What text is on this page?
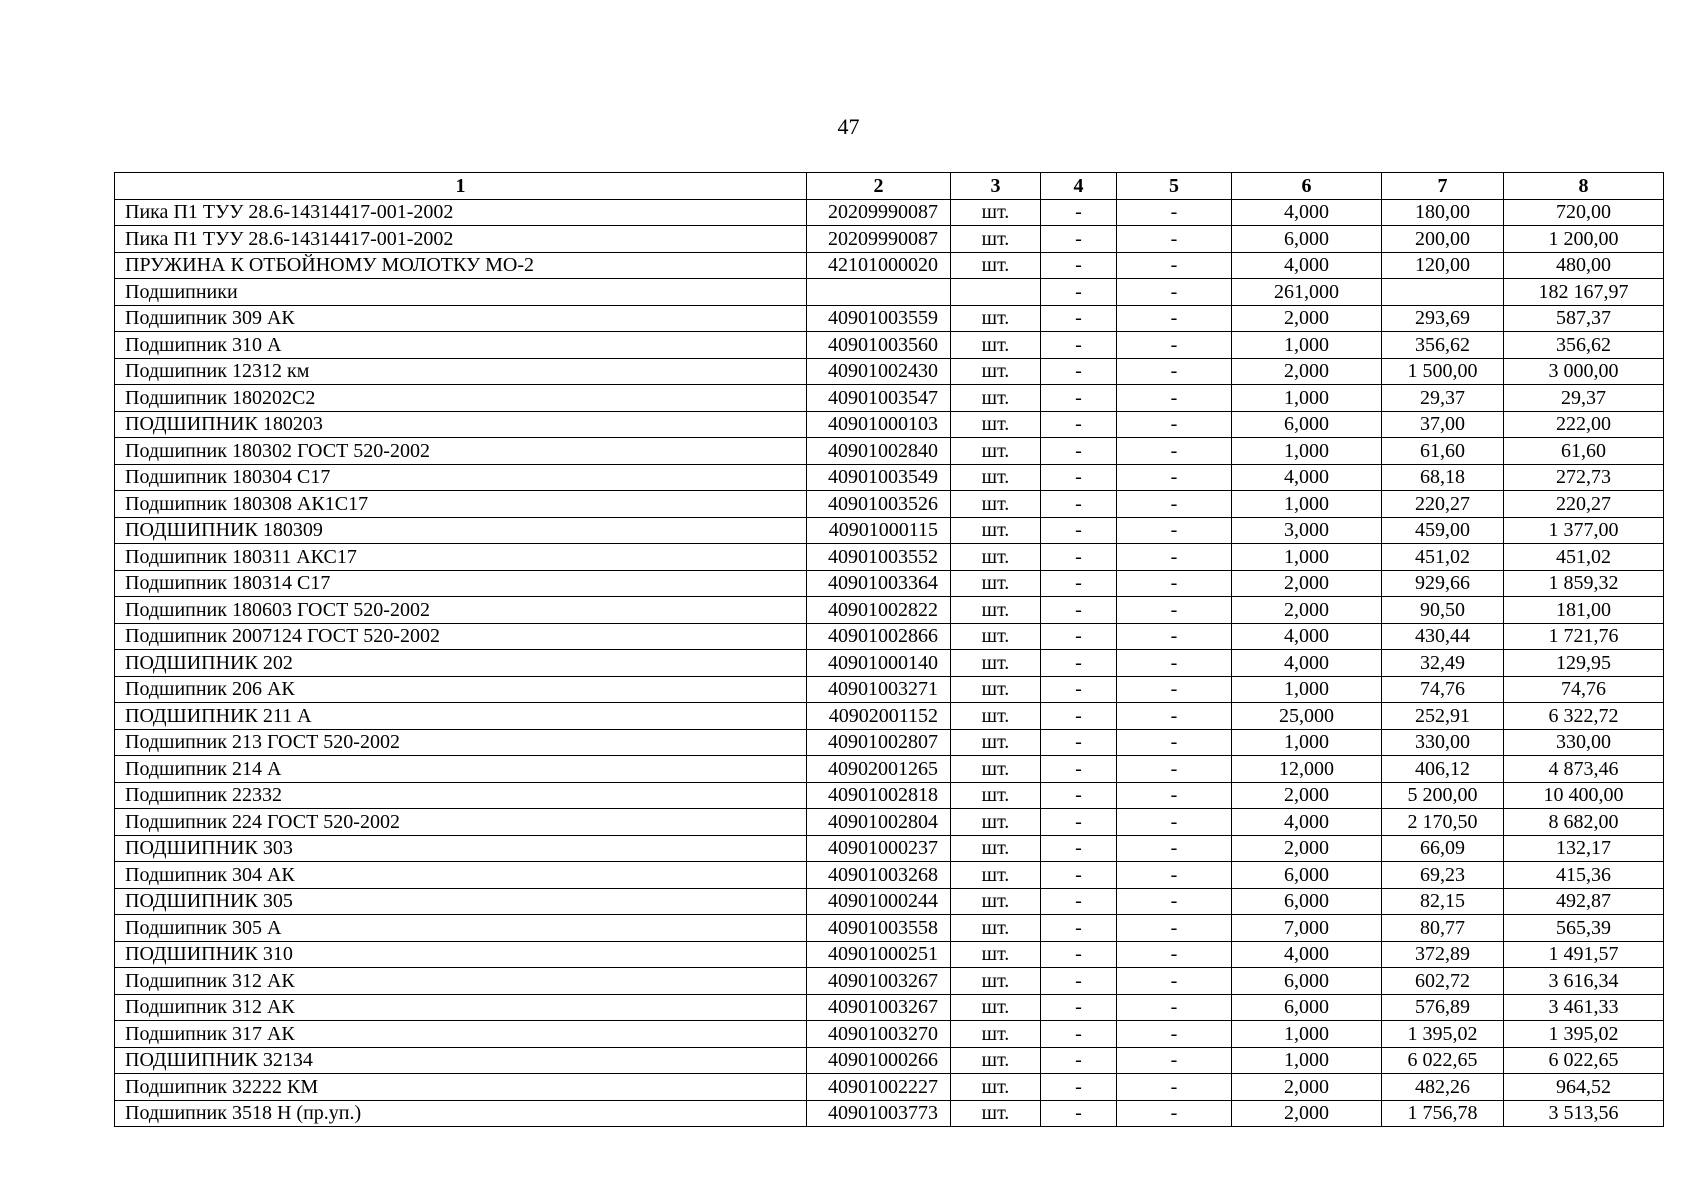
47
1	2	3	4	5	6	7	8
Пика П1 ТУУ 28.6-14314417-001-2002	20209990087	шт.	-	-	4,000	180,00	720,00
Пика П1 ТУУ 28.6-14314417-001-2002	20209990087	шт.	-	-	6,000	200,00	1 200,00
ПРУЖИНА К ОТБОЙНОМУ МОЛОТКУ МО-2	42101000020	шт.	-	-	4,000	120,00	480,00
Подшипники			-	-	261,000		182 167,97
Подшипник 309 АК	40901003559	шт.	-	-	2,000	293,69	587,37
Подшипник 310 А	40901003560	шт.	-	-	1,000	356,62	356,62
Подшипник 12312 км	40901002430	шт.	-	-	2,000	1 500,00	3 000,00
Подшипник 180202С2	40901003547	шт.	-	-	1,000	29,37	29,37
ПОДШИПНИК 180203	40901000103	шт.	-	-	6,000	37,00	222,00
Подшипник 180302 ГОСТ 520-2002	40901002840	шт.	-	-	1,000	61,60	61,60
Подшипник 180304 С17	40901003549	шт.	-	-	4,000	68,18	272,73
Подшипник 180308 АК1С17	40901003526	шт.	-	-	1,000	220,27	220,27
ПОДШИПНИК 180309	40901000115	шт.	-	-	3,000	459,00	1 377,00
Подшипник 180311 АКС17	40901003552	шт.	-	-	1,000	451,02	451,02
Подшипник 180314 С17	40901003364	шт.	-	-	2,000	929,66	1 859,32
Подшипник 180603 ГОСТ 520-2002	40901002822	шт.	-	-	2,000	90,50	181,00
Подшипник 2007124 ГОСТ 520-2002	40901002866	шт.	-	-	4,000	430,44	1 721,76
ПОДШИПНИК 202	40901000140	шт.	-	-	4,000	32,49	129,95
Подшипник 206 АК	40901003271	шт.	-	-	1,000	74,76	74,76
ПОДШИПНИК 211 А	40902001152	шт.	-	-	25,000	252,91	6 322,72
Подшипник 213 ГОСТ 520-2002	40901002807	шт.	-	-	1,000	330,00	330,00
Подшипник 214 А	40902001265	шт.	-	-	12,000	406,12	4 873,46
Подшипник 22332	40901002818	шт.	-	-	2,000	5 200,00	10 400,00
Подшипник 224 ГОСТ 520-2002	40901002804	шт.	-	-	4,000	2 170,50	8 682,00
ПОДШИПНИК 303	40901000237	шт.	-	-	2,000	66,09	132,17
Подшипник 304 АК	40901003268	шт.	-	-	6,000	69,23	415,36
ПОДШИПНИК 305	40901000244	шт.	-	-	6,000	82,15	492,87
Подшипник 305 А	40901003558	шт.	-	-	7,000	80,77	565,39
ПОДШИПНИК 310	40901000251	шт.	-	-	4,000	372,89	1 491,57
Подшипник 312 АК	40901003267	шт.	-	-	6,000	602,72	3 616,34
Подшипник 312 АК	40901003267	шт.	-	-	6,000	576,89	3 461,33
Подшипник 317 АК	40901003270	шт.	-	-	1,000	1 395,02	1 395,02
ПОДШИПНИК 32134	40901000266	шт.	-	-	1,000	6 022,65	6 022,65
Подшипник 32222 КМ	40901002227	шт.	-	-	2,000	482,26	964,52
Подшипник 3518 Н (пр.уп.)	40901003773	шт.	-	-	2,000	1 756,78	3 513,56
